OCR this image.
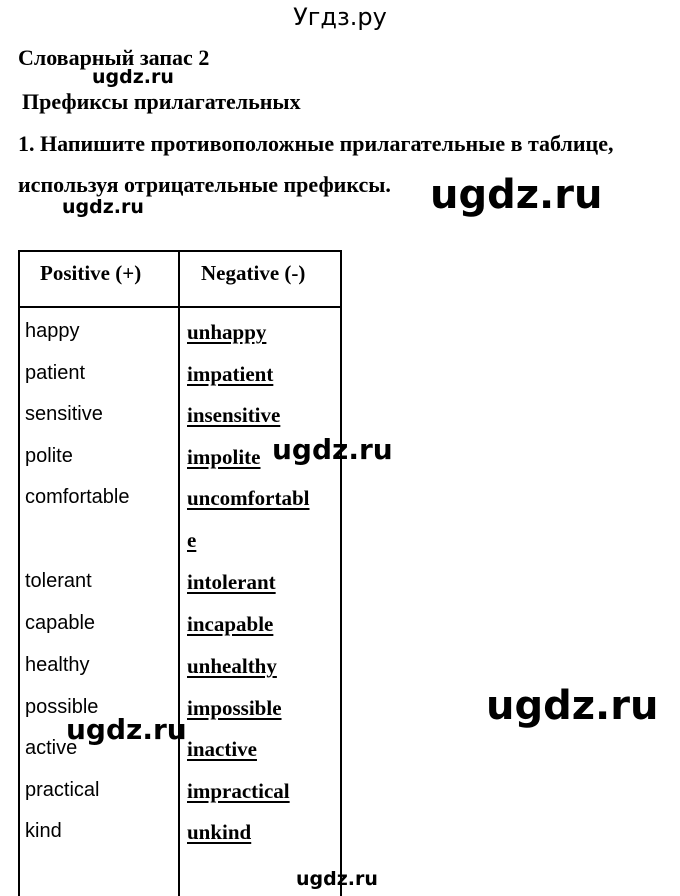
Угдз.ру
Словарный запас 2
ugdz.ru
Префиксы прилагательных
1. Напишите противоположные прилагательные в таблице,
используя отрицательные префиксы. ugdz.ru
ugdz.ru
Positive (+)	Negative (-)
happy	unhappy
patient	impatient
sensitive	insensitive
polite	impolite
comfortable	uncomfortabl
e
tolerant	intolerant
capable	incapable
healthy	unhealthy
possible	impossible
active	inactive
practical	impractical
kind	unkind
ugdz.ru
ugdz.ru
ugdz.ru
ugdz.ru
